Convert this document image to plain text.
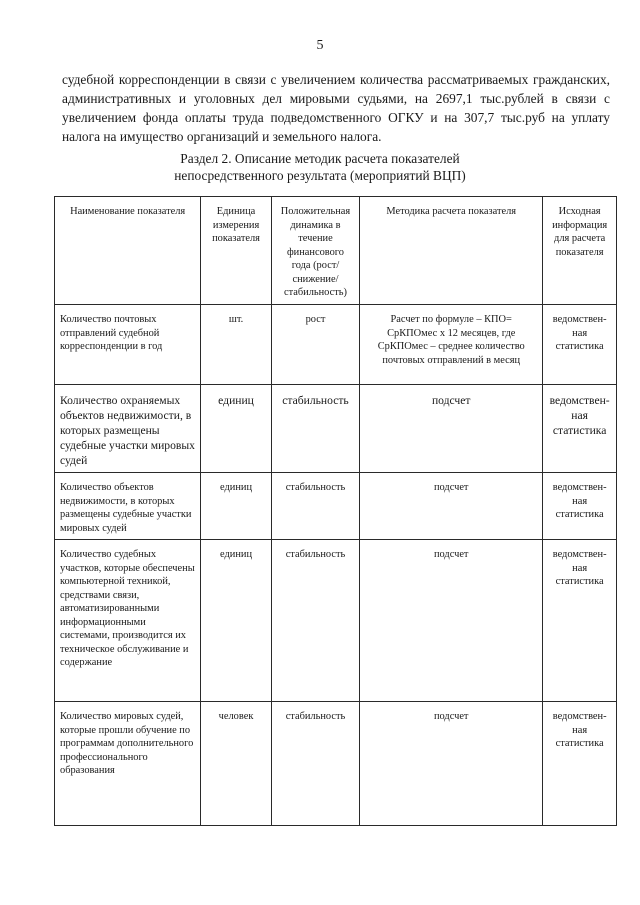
5

судебной корреспонденции в связи с увеличением количества рассматриваемых гражданских, административных и уголовных дел мировыми судьями, на 2697,1 тыс.рублей в связи с увеличением фонда оплаты труда подведомственного ОГКУ и на 307,7 тыс.руб на уплату налога на имущество организаций и земельного налога.

Раздел 2. Описание методик расчета показателей
непосредственного результата (мероприятий ВЦП)
Наименование показателя	Единица измерения показателя	Положительная динамика в течение финансового года (рост/снижение/ стабильность)	Методика расчета показателя	Исходная информация для расчета показателя
Количество почтовых отправлений судебной корреспонденции в год	шт.	рост	Расчет по формуле – КПО= СрКПОмес х 12 месяцев, где СрКПОмес – среднее количество почтовых отправлений в месяц	ведомствен-ная статистика
Количество охраняемых объектов недвижимости, в которых размещены судебные участки мировых судей	единиц	стабильность	подсчет	ведомствен-ная статистика
Количество объектов недвижимости, в которых размещены судебные участки мировых судей	единиц	стабильность	подсчет	ведомствен-ная статистика
Количество судебных участков, которые обеспечены компьютерной техникой, средствами связи, автоматизированными информационными системами, производится их техническое обслуживание и содержание	единиц	стабильность	подсчет	ведомствен-ная статистика
Количество мировых судей, которые прошли обучение по программам дополнительного профессионального образования	человек	стабильность	подсчет	ведомствен-ная статистика
